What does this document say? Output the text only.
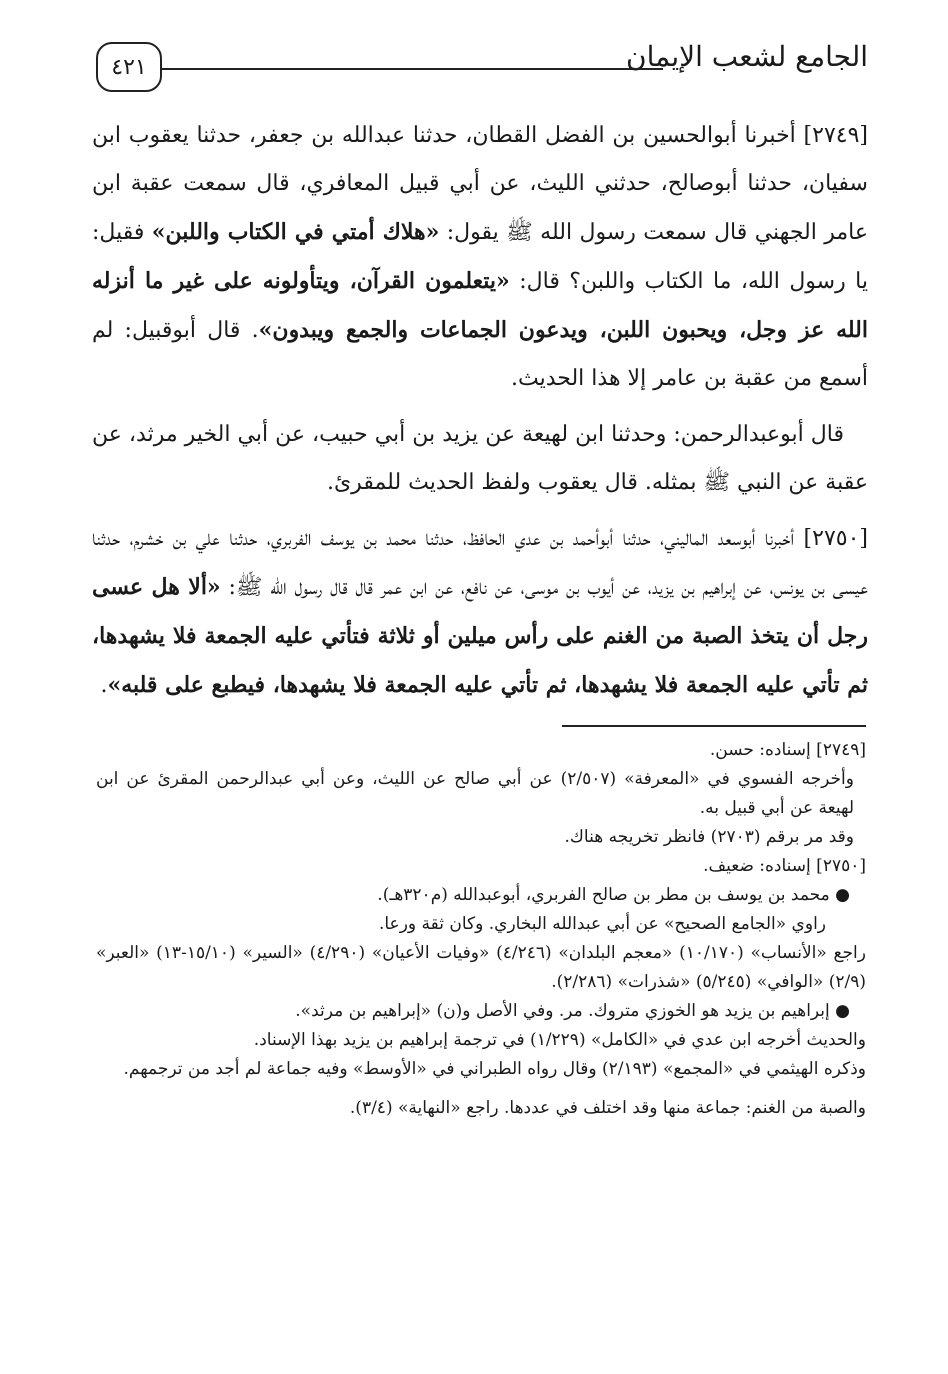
الجامع لشعب الإيمان
٤٢١

[٢٧٤٩] أخبرنا أبوالحسين بن الفضل القطان، حدثنا عبدالله بن جعفر، حدثنا يعقوب ابن سفيان، حدثنا أبوصالح، حدثني الليث، عن أبي قبيل المعافري، قال سمعت عقبة ابن عامر الجهني قال سمعت رسول الله ﷺ يقول: «هلاك أمتي في الكتاب واللبن» فقيل: يا رسول الله، ما الكتاب واللبن؟ قال: «يتعلمون القرآن، ويتأولونه على غير ما أنزله الله عز وجل، ويحبون اللبن، ويدعون الجماعات والجمع ويبدون». قال أبوقبيل: لم أسمع من عقبة بن عامر إلا هذا الحديث.

قال أبوعبدالرحمن: وحدثنا ابن لهيعة عن يزيد بن أبي حبيب، عن أبي الخير مرثد، عن عقبة عن النبي ﷺ بمثله. قال يعقوب ولفظ الحديث للمقرئ.

[٢٧٥٠] أخبرنا أبوسعد الماليني، حدثنا أبوأحمد بن عدي الحافظ، حدثنا محمد بن يوسف الفربري، حدثنا علي بن خشرم، حدثنا عيسى بن يونس، عن إبراهيم بن يزيد، عن أيوب بن موسى، عن نافع، عن ابن عمر قال قال رسول الله ﷺ: «ألا هل عسى رجل أن يتخذ الصبة من الغنم على رأس ميلين أو ثلاثة فتأتي عليه الجمعة فلا يشهدها، ثم تأتي عليه الجمعة فلا يشهدها، ثم تأتي عليه الجمعة فلا يشهدها، فيطبع على قلبه».

[٢٧٤٩] إسناده: حسن.

وأخرجه الفسوي في «المعرفة» (٢/٥٠٧) عن أبي صالح عن الليث، وعن أبي عبدالرحمن المقرئ عن ابن لهيعة عن أبي قبيل به.

وقد مر برقم (٢٧٠٣) فانظر تخريجه هناك.

[٢٧٥٠] إسناده: ضعيف.

● محمد بن يوسف بن مطر بن صالح الفربري، أبوعبدالله (م٣٢٠هـ).

راوي «الجامع الصحيح» عن أبي عبدالله البخاري. وكان ثقة ورعا.

راجع «الأنساب» (١٠/١٧٠) «معجم البلدان» (٤/٢٤٦) «وفيات الأعيان» (٤/٢٩٠) «السير» (١٥/١٠-١٣) «العبر» (٢/٩) «الوافي» (٥/٢٤٥) «شذرات» (٢/٢٨٦).

● إبراهيم بن يزيد هو الخوزي متروك. مر. وفي الأصل و(ن) «إبراهيم بن مرثد».

والحديث أخرجه ابن عدي في «الكامل» (١/٢٢٩) في ترجمة إبراهيم بن يزيد بهذا الإسناد.

وذكره الهيثمي في «المجمع» (٢/١٩٣) وقال رواه الطبراني في «الأوسط» وفيه جماعة لم أجد من ترجمهم.

والصبة من الغنم: جماعة منها وقد اختلف في عددها. راجع «النهاية» (٣/٤).
